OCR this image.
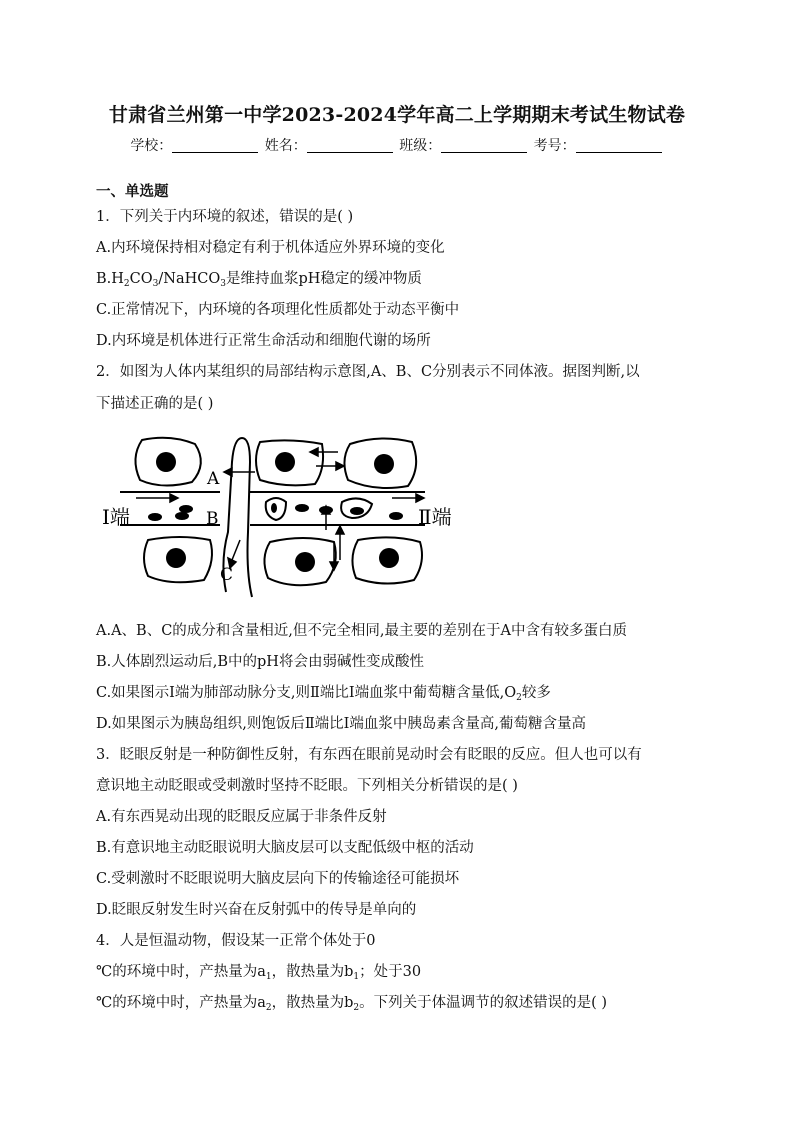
甘肃省兰州第一中学2023-2024学年高二上学期期末考试生物试卷
学校：	姓名：	班级：	考号：
一、单选题
1．下列关于内环境的叙述，错误的是( )
A.内环境保持相对稳定有利于机体适应外界环境的变化
$B.H_2CO_3/NaHCO_3$是维持血浆pH稳定的缓冲物质
C.正常情况下，内环境的各项理化性质都处于动态平衡中
D.内环境是机体进行正常生命活动和细胞代谢的场所
2．如图为人体内某组织的局部结构示意图,A、B、C分别表示不同体液。据图判断,以
下描述正确的是( )
A
B
C
Ⅰ端	Ⅱ端
A.A、B、C的成分和含量相近,但不完全相同,最主要的差别在于A中含有较多蛋白质
B.人体剧烈运动后,B中的pH将会由弱碱性变成酸性
C.如果图示Ⅰ端为肺部动脉分支,则Ⅱ端比Ⅰ端血浆中葡萄糖含量低$,O_2$较多
D.如果图示为胰岛组织,则饱饭后Ⅱ端比Ⅰ端血浆中胰岛素含量高,葡萄糖含量高
3．眨眼反射是一种防御性反射，有东西在眼前晃动时会有眨眼的反应。但人也可以有
意识地主动眨眼或受刺激时坚持不眨眼。下列相关分析错误的是( )
A.有东西晃动出现的眨眼反应属于非条件反射
B.有意识地主动眨眼说明大脑皮层可以支配低级中枢的活动
C.受刺激时不眨眼说明大脑皮层向下的传输途径可能损坏
D.眨眼反射发生时兴奋在反射弧中的传导是单向的
4．人是恒温动物，假设某一正常个体处于0
℃的环境中时，产热量为$a_1$，散热量为$b_1$；处于30
℃的环境中时，产热量为$a_2$，散热量为$b_2$。下列关于体温调节的叙述错误的是( )
